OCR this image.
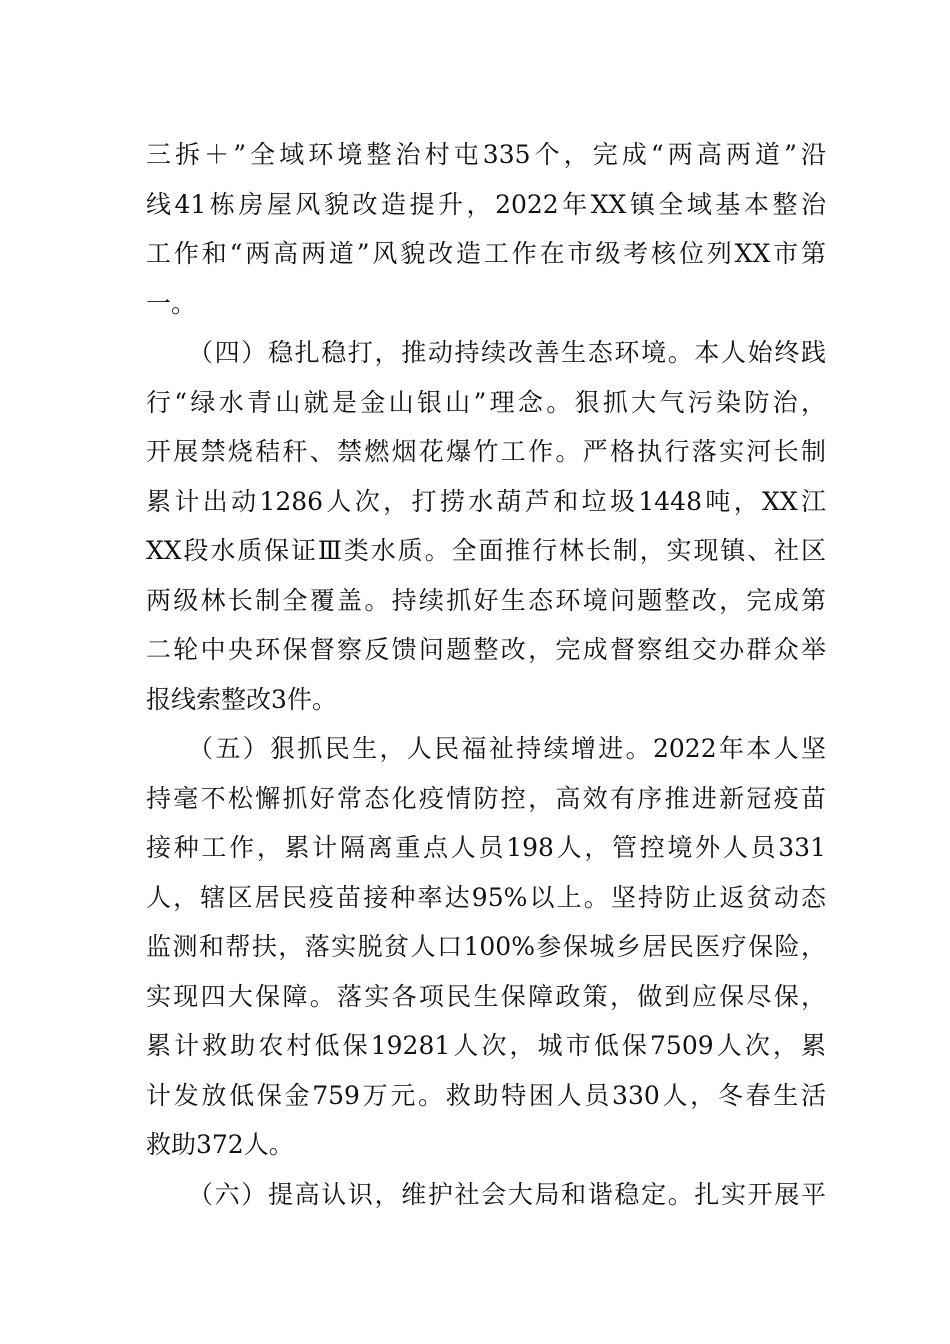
三拆＋”全域环境整治村屯335个，完成“两高两道”沿
线41栋房屋风貌改造提升，2022年XX镇全域基本整治
工作和“两高两道”风貌改造工作在市级考核位列XX市第
一。
（四）稳扎稳打，推动持续改善生态环境。本人始终践
行“绿水青山就是金山银山”理念。狠抓大气污染防治，
开展禁烧秸秆、禁燃烟花爆竹工作。严格执行落实河长制
累计出动1286人次，打捞水葫芦和垃圾1448吨，XX江
XX段水质保证Ⅲ类水质。全面推行林长制，实现镇、社区
两级林长制全覆盖。持续抓好生态环境问题整改，完成第
二轮中央环保督察反馈问题整改，完成督察组交办群众举
报线索整改3件。
（五）狠抓民生，人民福祉持续增进。2022年本人坚
持毫不松懈抓好常态化疫情防控，高效有序推进新冠疫苗
接种工作，累计隔离重点人员198人，管控境外人员331
人，辖区居民疫苗接种率达95%以上。坚持防止返贫动态
监测和帮扶，落实脱贫人口100%参保城乡居民医疗保险，
实现四大保障。落实各项民生保障政策，做到应保尽保，
累计救助农村低保19281人次，城市低保7509人次，累
计发放低保金759万元。救助特困人员330人，冬春生活
救助372人。
（六）提高认识，维护社会大局和谐稳定。扎实开展平
